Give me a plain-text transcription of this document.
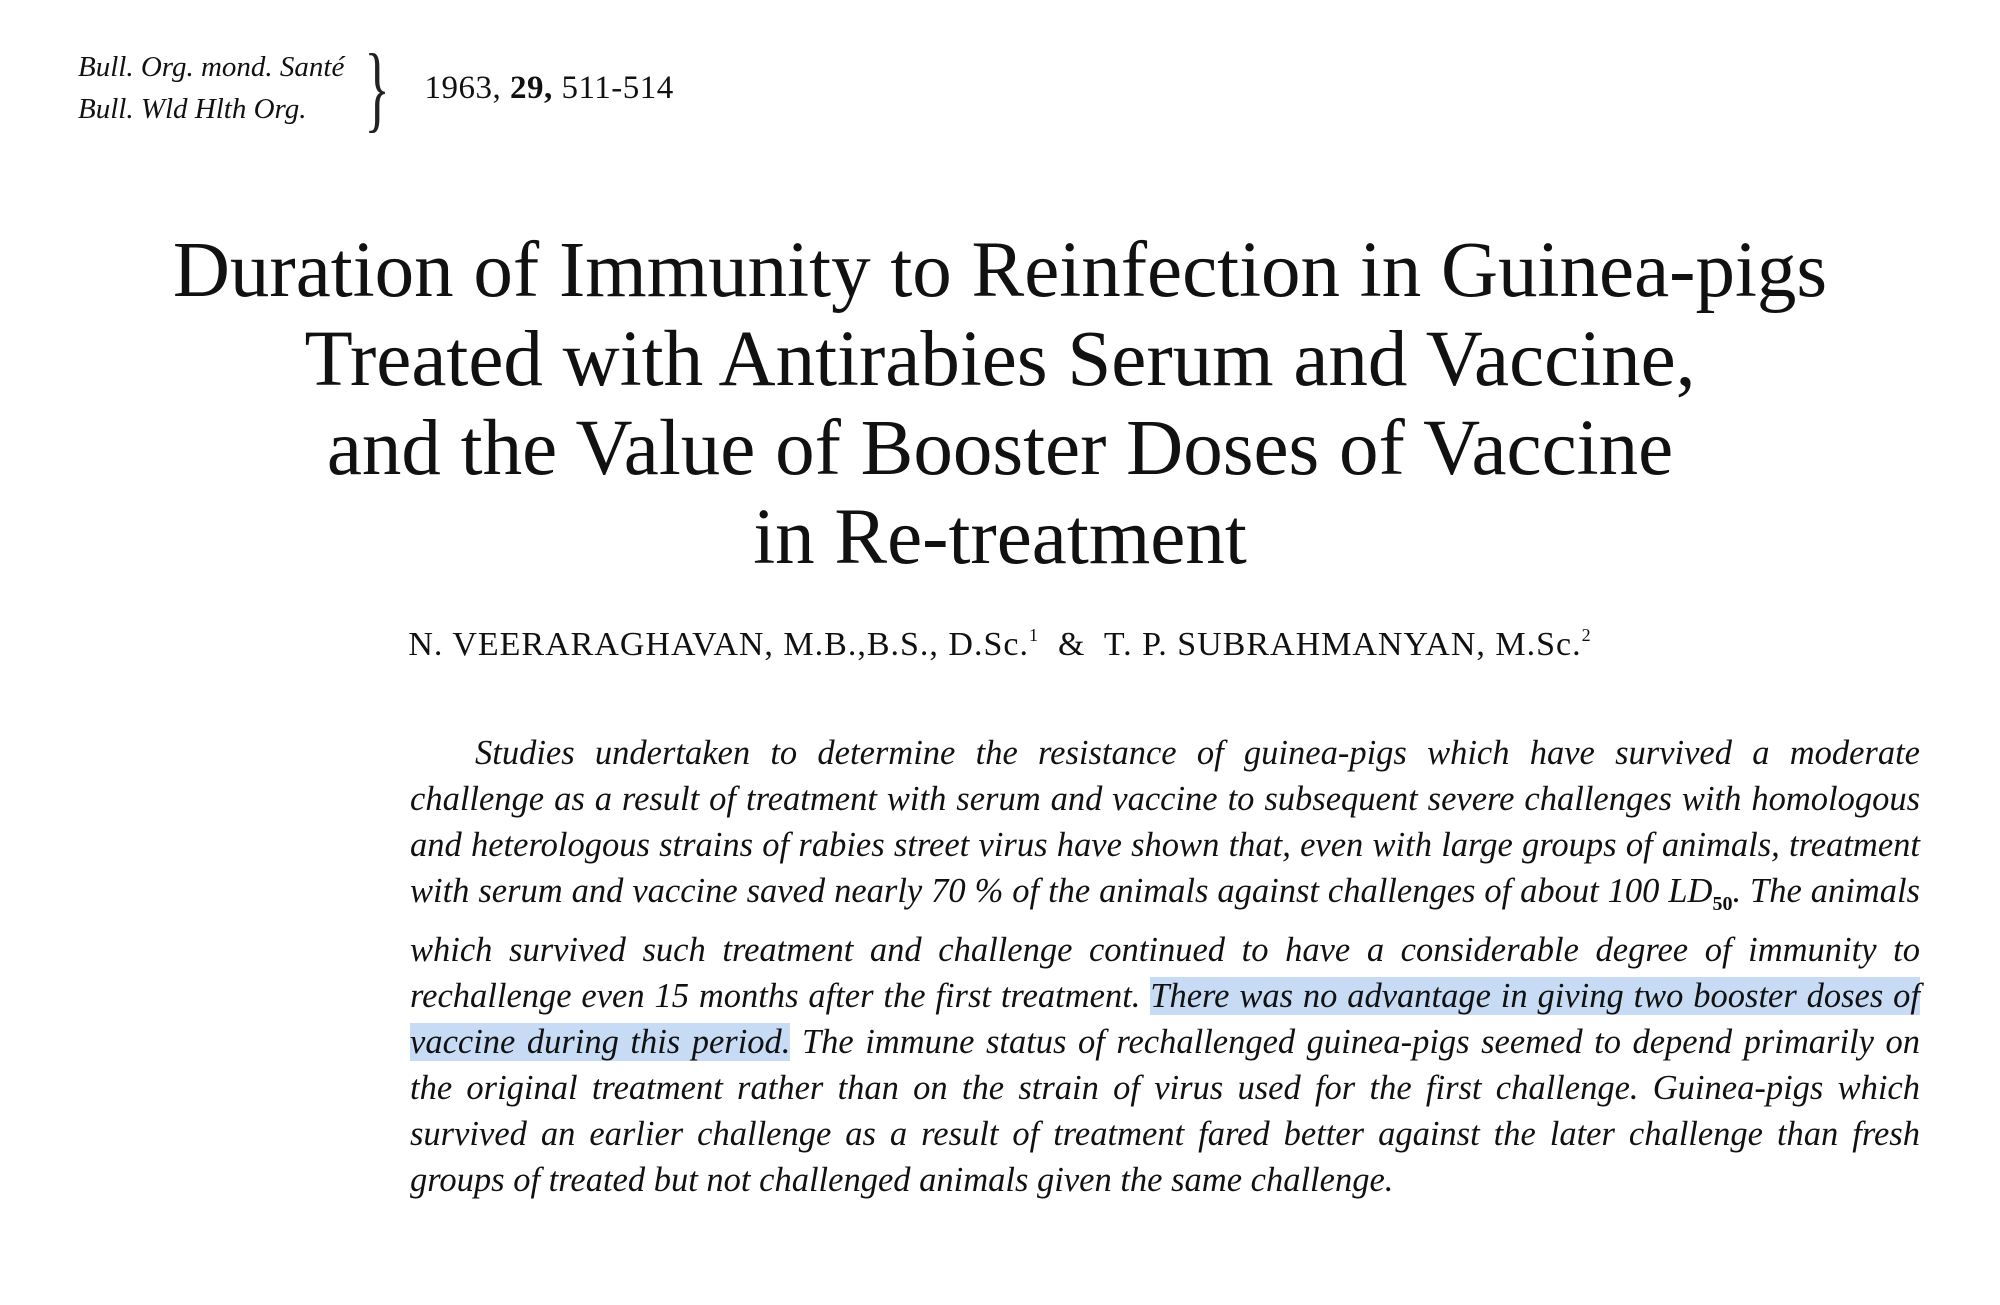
Bull. Org. mond. Santé
Bull. Wld Hlth Org. } 1963, 29, 511-514
Duration of Immunity to Reinfection in Guinea-pigs
Treated with Antirabies Serum and Vaccine,
and the Value of Booster Doses of Vaccine
in Re-treatment
N. VEERARAGHAVAN, M.B.,B.S., D.Sc.$^1$ & T. P. SUBRAHMANYAN, M.Sc.$^2$

Studies undertaken to determine the resistance of guinea-pigs which have survived a moderate challenge as a result of treatment with serum and vaccine to subsequent severe challenges with homologous and heterologous strains of rabies street virus have shown that, even with large groups of animals, treatment with serum and vaccine saved nearly 70 % of the animals against challenges of about 100 $LD_{50}$. The animals which survived such treatment and challenge continued to have a considerable degree of immunity to rechallenge even 15 months after the first treatment. There was no advantage in giving two booster doses of vaccine during this period. The immune status of rechallenged guinea-pigs seemed to depend primarily on the original treatment rather than on the strain of virus used for the first challenge. Guinea-pigs which survived an earlier challenge as a result of treatment fared better against the later challenge than fresh groups of treated but not challenged animals given the same challenge.
